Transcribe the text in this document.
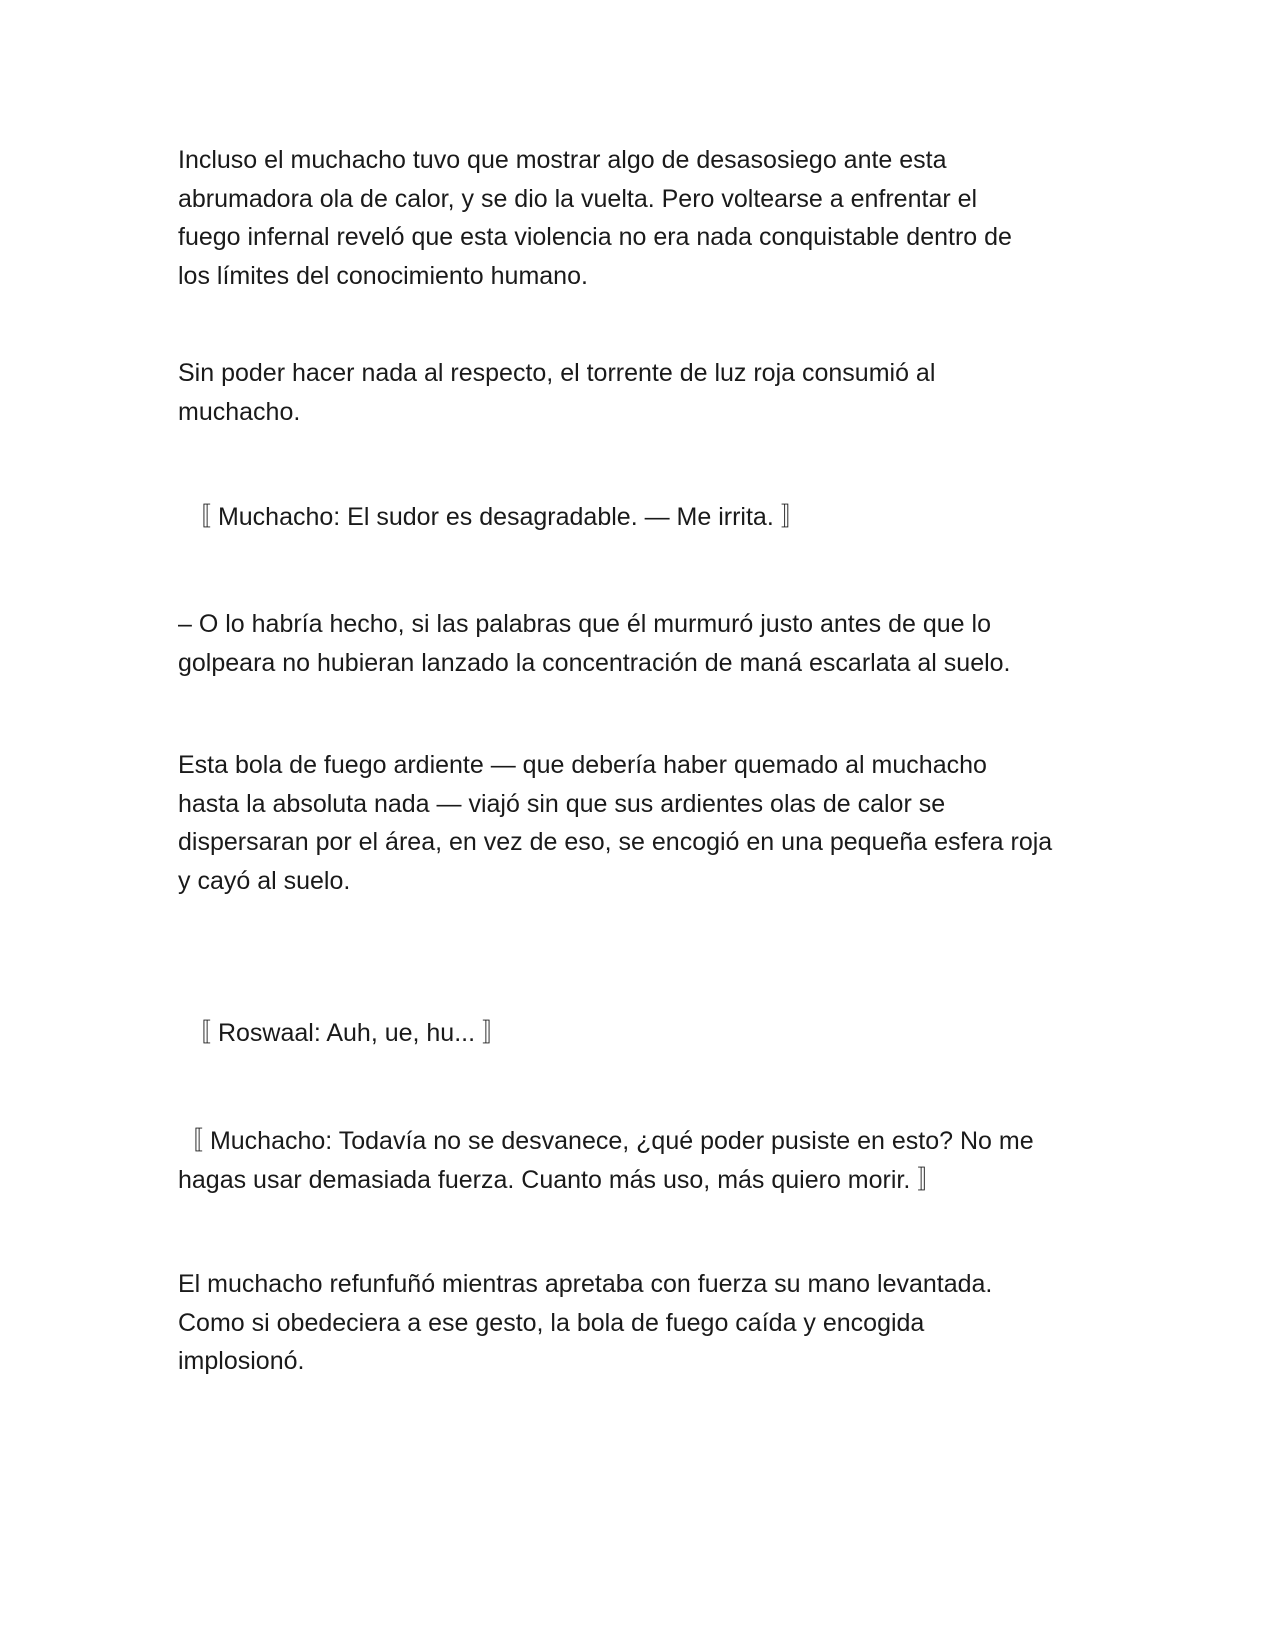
Incluso el muchacho tuvo que mostrar algo de desasosiego ante esta
abrumadora ola de calor, y se dio la vuelta. Pero voltearse a enfrentar el
fuego infernal reveló que esta violencia no era nada conquistable dentro de
los límites del conocimiento humano.

Sin poder hacer nada al respecto, el torrente de luz roja consumió al
muchacho.

〚 Muchacho: El sudor es desagradable. — Me irrita. 〛

– O lo habría hecho, si las palabras que él murmuró justo antes de que lo
golpeara no hubieran lanzado la concentración de maná escarlata al suelo.

Esta bola de fuego ardiente — que debería haber quemado al muchacho
hasta la absoluta nada — viajó sin que sus ardientes olas de calor se
dispersaran por el área, en vez de eso, se encogió en una pequeña esfera roja
y cayó al suelo.

〚 Roswaal: Auh, ue, hu... 〛

〚 Muchacho: Todavía no se desvanece, ¿qué poder pusiste en esto? No me
hagas usar demasiada fuerza. Cuanto más uso, más quiero morir. 〛

El muchacho refunfuñó mientras apretaba con fuerza su mano levantada.
Como si obedeciera a ese gesto, la bola de fuego caída y encogida
implosionó.
